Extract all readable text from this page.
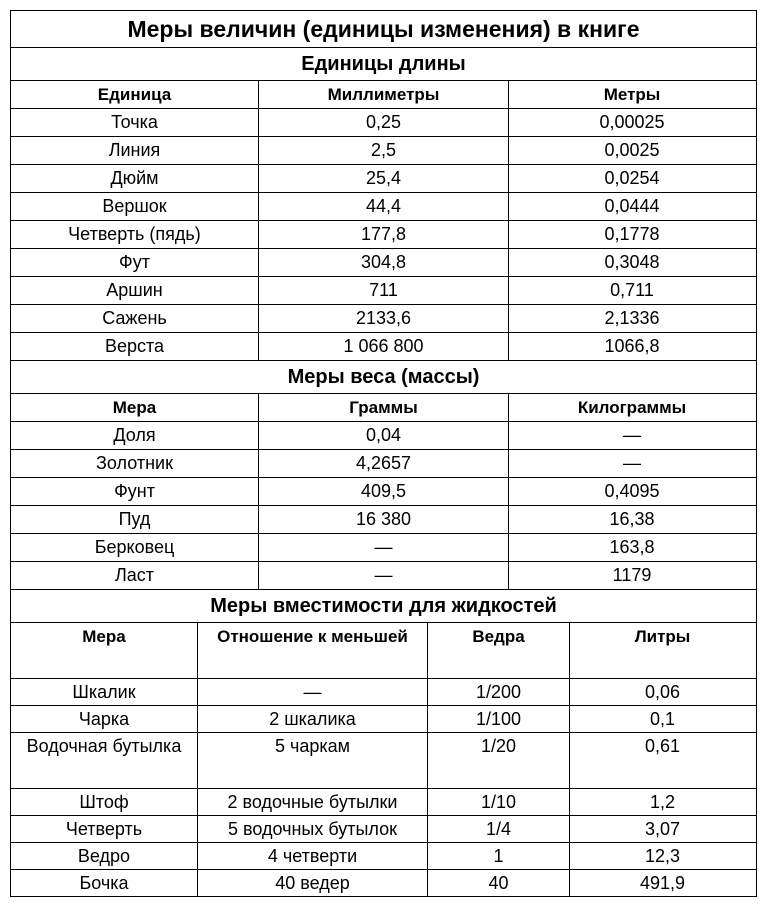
Меры величин (единицы изменения) в книге
Единицы длины
Единица	Миллиметры	Метры
Точка	0,25	0,00025
Линия	2,5	0,0025
Дюйм	25,4	0,0254
Вершок	44,4	0,0444
Четверть (пядь)	177,8	0,1778
Фут	304,8	0,3048
Аршин	711	0,711
Сажень	2133,6	2,1336
Верста	1 066 800	1066,8
Меры веса (массы)
Мера	Граммы	Килограммы
Доля	0,04	—
Золотник	4,2657	—
Фунт	409,5	0,4095
Пуд	16 380	16,38
Берковец	—	163,8
Ласт	—	1179
Меры вместимости для жидкостей
Мера	Отношение к меньшей	Ведра	Литры
Шкалик	—	1/200	0,06
Чарка	2 шкалика	1/100	0,1
Водочная бутылка	5 чаркам	1/20	0,61
Штоф	2 водочные бутылки	1/10	1,2
Четверть	5 водочных бутылок	1/4	3,07
Ведро	4 четверти	1	12,3
Бочка	40 ведер	40	491,9
